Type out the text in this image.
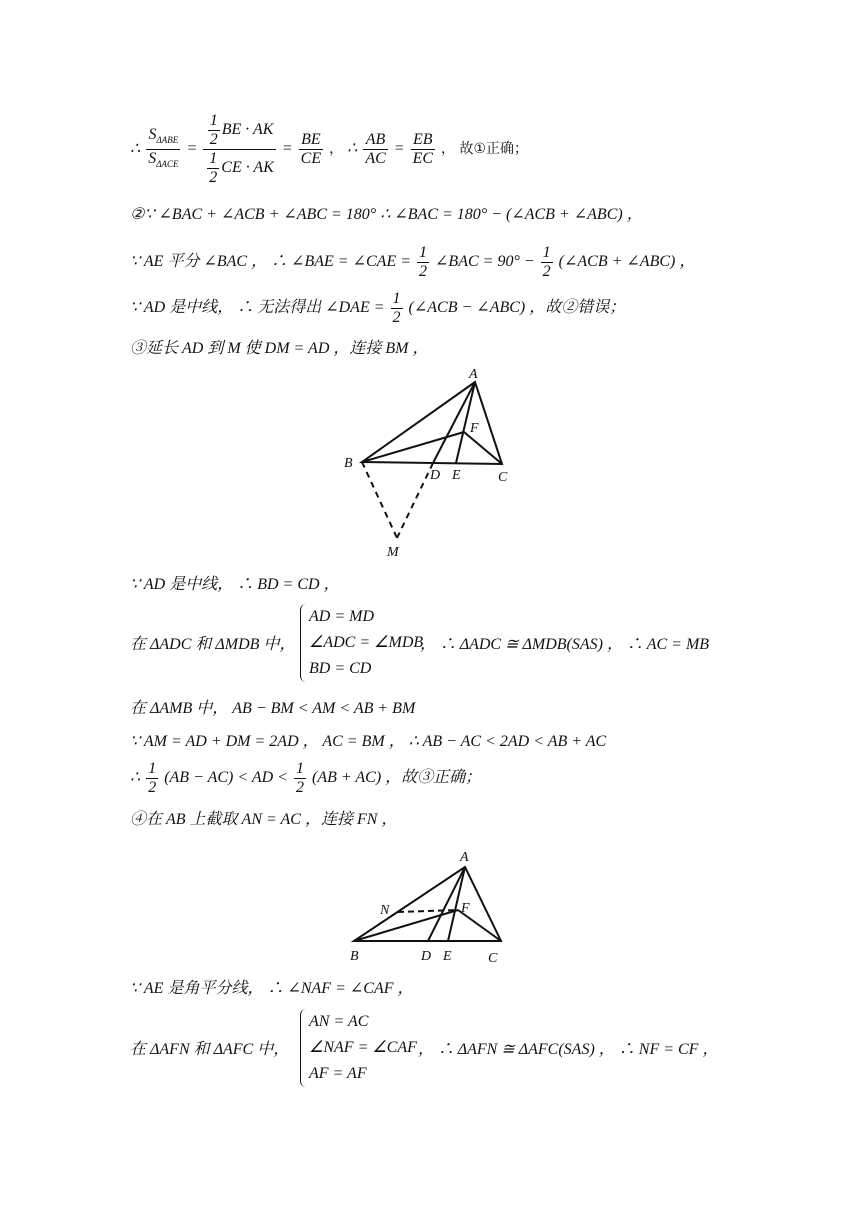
∴ $\frac{S_{\Delta ABE}}{S_{\Delta ACE}} = \frac{\frac{1}{2} BE \cdot AK}{\frac{1}{2} CE \cdot AK} = \frac{BE}{CE}$ ， ∴ $\frac{AB}{AC} = \frac{EB}{EC}$ ， 故①正确；
②∵ ∠BAC + ∠ACB + ∠ABC = 180° ∴ ∠BAC = 180° − (∠ACB + ∠ABC) ，
∵ AE 平分 ∠BAC ， ∴ ∠BAE = ∠CAE = $\frac{1}{2}$ ∠BAC = $90^\circ - \frac{1}{2}$ (∠ACB + ∠ABC) ，
∵ AD 是中线， ∴ 无法得出 ∠DAE = $\frac{1}{2}$ (∠ACB − ∠ABC) ，故②错误；
③延长 AD 到 M 使 DM = AD ，连接 BM ，
A
B
C
D E
F
M
∵ AD 是中线， ∴ BD = CD ，
在 ΔADC 和 ΔMDB 中，
AD = MD
∠ADC = ∠MDB
BD = CD
， ∴ ΔADC ≅ ΔMDB(SAS) ， ∴ AC = MB
在 ΔAMB 中， AB − BM < AM < AB + BM
∵ AM = AD + DM = 2AD ， AC = BM ， ∴ AB − AC < 2AD < AB + AC
∴ $\frac{1}{2} (AB - AC)$ < AD < $\frac{1}{2} (AB + AC)$ ，故③正确；
④在 AB 上截取 AN = AC ，连接 FN ，
A
B	C
D E
F
N
∵ AE 是角平分线， ∴ ∠NAF = ∠CAF ，
在 ΔAFN 和 ΔAFC 中，
AN = AC
∠NAF = ∠CAF
AF = AF
， ∴ ΔAFN ≅ ΔAFC(SAS) ， ∴ NF = CF ，
